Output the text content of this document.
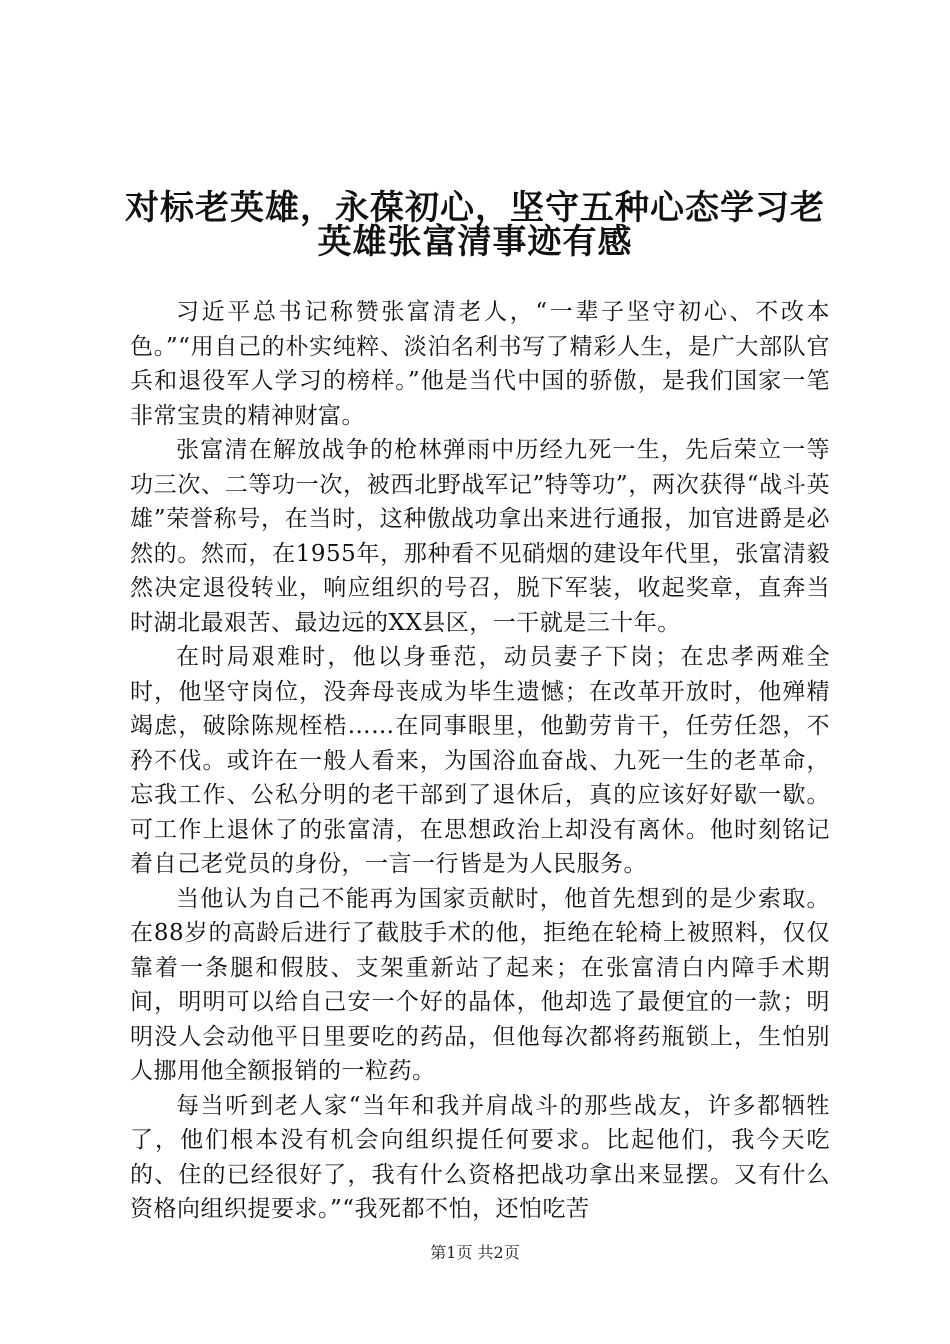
对标老英雄，永葆初心，坚守五种心态学习老
英雄张富清事迹有感

习近平总书记称赞张富清老人，“一辈子坚守初心、不改本色。”“用自己的朴实纯粹、淡泊名利书写了精彩人生，是广大部队官兵和退役军人学习的榜样。”他是当代中国的骄傲，是我们国家一笔非常宝贵的精神财富。

张富清在解放战争的枪林弹雨中历经九死一生，先后荣立一等功三次、二等功一次，被西北野战军记”特等功”，两次获得“战斗英雄”荣誉称号，在当时，这种傲战功拿出来进行通报，加官进爵是必然的。然而，在1955年，那种看不见硝烟的建设年代里，张富清毅然决定退役转业，响应组织的号召，脱下军装，收起奖章，直奔当时湖北最艰苦、最边远的XX县区，一干就是三十年。

在时局艰难时，他以身垂范，动员妻子下岗；在忠孝两难全时，他坚守岗位，没奔母丧成为毕生遗憾；在改革开放时，他殚精竭虑，破除陈规桎梏……在同事眼里，他勤劳肯干，任劳任怨，不矜不伐。或许在一般人看来，为国浴血奋战、九死一生的老革命，忘我工作、公私分明的老干部到了退休后，真的应该好好歇一歇。可工作上退休了的张富清，在思想政治上却没有离休。他时刻铭记着自己老党员的身份，一言一行皆是为人民服务。

当他认为自己不能再为国家贡献时，他首先想到的是少索取。在88岁的高龄后进行了截肢手术的他，拒绝在轮椅上被照料，仅仅靠着一条腿和假肢、支架重新站了起来；在张富清白内障手术期间，明明可以给自己安一个好的晶体，他却选了最便宜的一款；明明没人会动他平日里要吃的药品，但他每次都将药瓶锁上，生怕别人挪用他全额报销的一粒药。

每当听到老人家“当年和我并肩战斗的那些战友，许多都牺牲了，他们根本没有机会向组织提任何要求。比起他们，我今天吃的、住的已经很好了，我有什么资格把战功拿出来显摆。又有什么资格向组织提要求。”“我死都不怕，还怕吃苦

第1页 共2页
